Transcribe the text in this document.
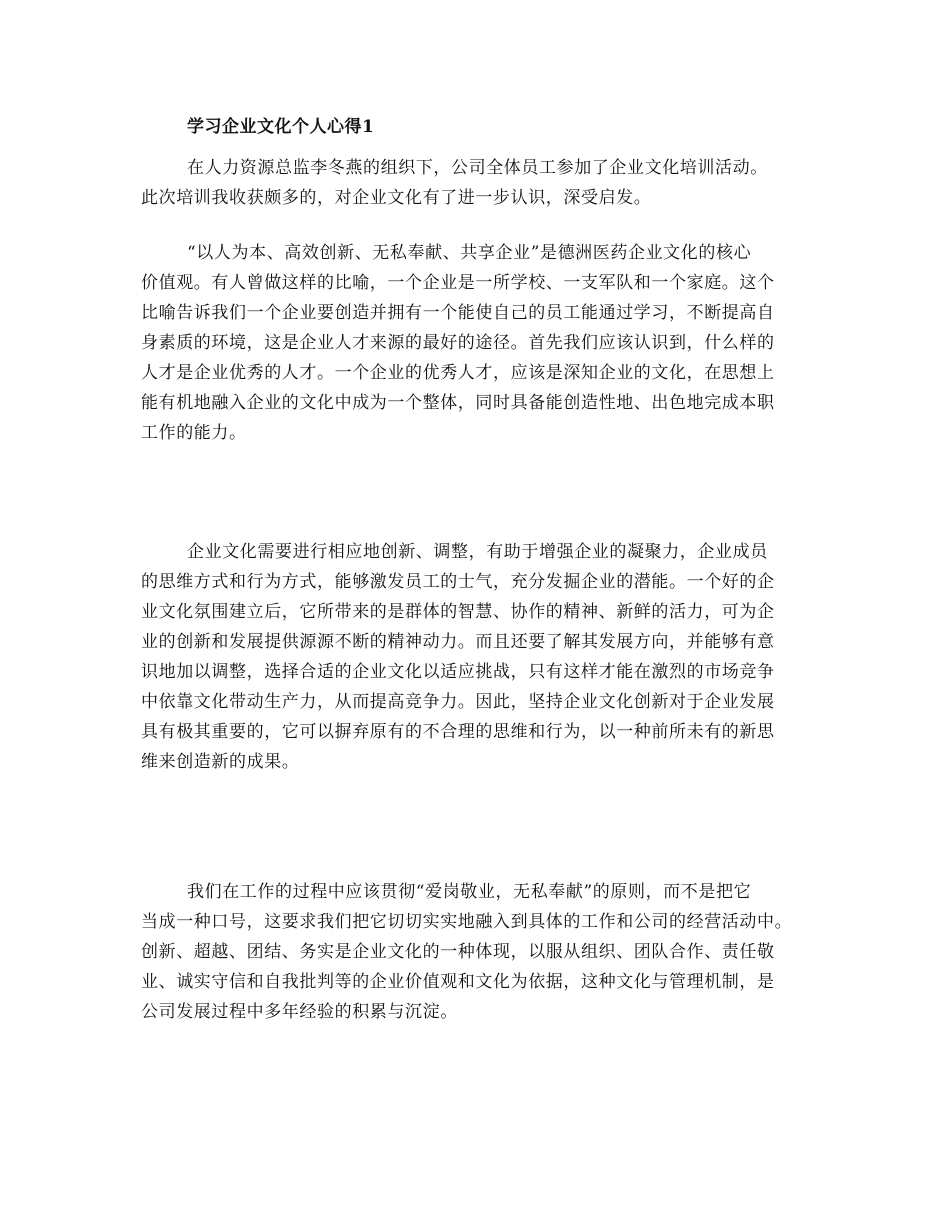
学习企业文化个人心得1
在人力资源总监李冬燕的组织下，公司全体员工参加了企业文化培训活动。
此次培训我收获颇多的，对企业文化有了进一步认识，深受启发。
“以人为本、高效创新、无私奉献、共享企业”是德洲医药企业文化的核心
价值观。有人曾做这样的比喻，一个企业是一所学校、一支军队和一个家庭。这个
比喻告诉我们一个企业要创造并拥有一个能使自己的员工能通过学习，不断提高自
身素质的环境，这是企业人才来源的最好的途径。首先我们应该认识到，什么样的
人才是企业优秀的人才。一个企业的优秀人才，应该是深知企业的文化，在思想上
能有机地融入企业的文化中成为一个整体，同时具备能创造性地、出色地完成本职
工作的能力。
企业文化需要进行相应地创新、调整，有助于增强企业的凝聚力，企业成员
的思维方式和行为方式，能够激发员工的士气，充分发掘企业的潜能。一个好的企
业文化氛围建立后，它所带来的是群体的智慧、协作的精神、新鲜的活力，可为企
业的创新和发展提供源源不断的精神动力。而且还要了解其发展方向，并能够有意
识地加以调整，选择合适的企业文化以适应挑战，只有这样才能在激烈的市场竞争
中依靠文化带动生产力，从而提高竞争力。因此，坚持企业文化创新对于企业发展
具有极其重要的，它可以摒弃原有的不合理的思维和行为，以一种前所未有的新思
维来创造新的成果。
我们在工作的过程中应该贯彻“爱岗敬业，无私奉献”的原则，而不是把它
当成一种口号，这要求我们把它切切实实地融入到具体的工作和公司的经营活动中。
创新、超越、团结、务实是企业文化的一种体现，以服从组织、团队合作、责任敬
业、诚实守信和自我批判等的企业价值观和文化为依据，这种文化与管理机制，是
公司发展过程中多年经验的积累与沉淀。
